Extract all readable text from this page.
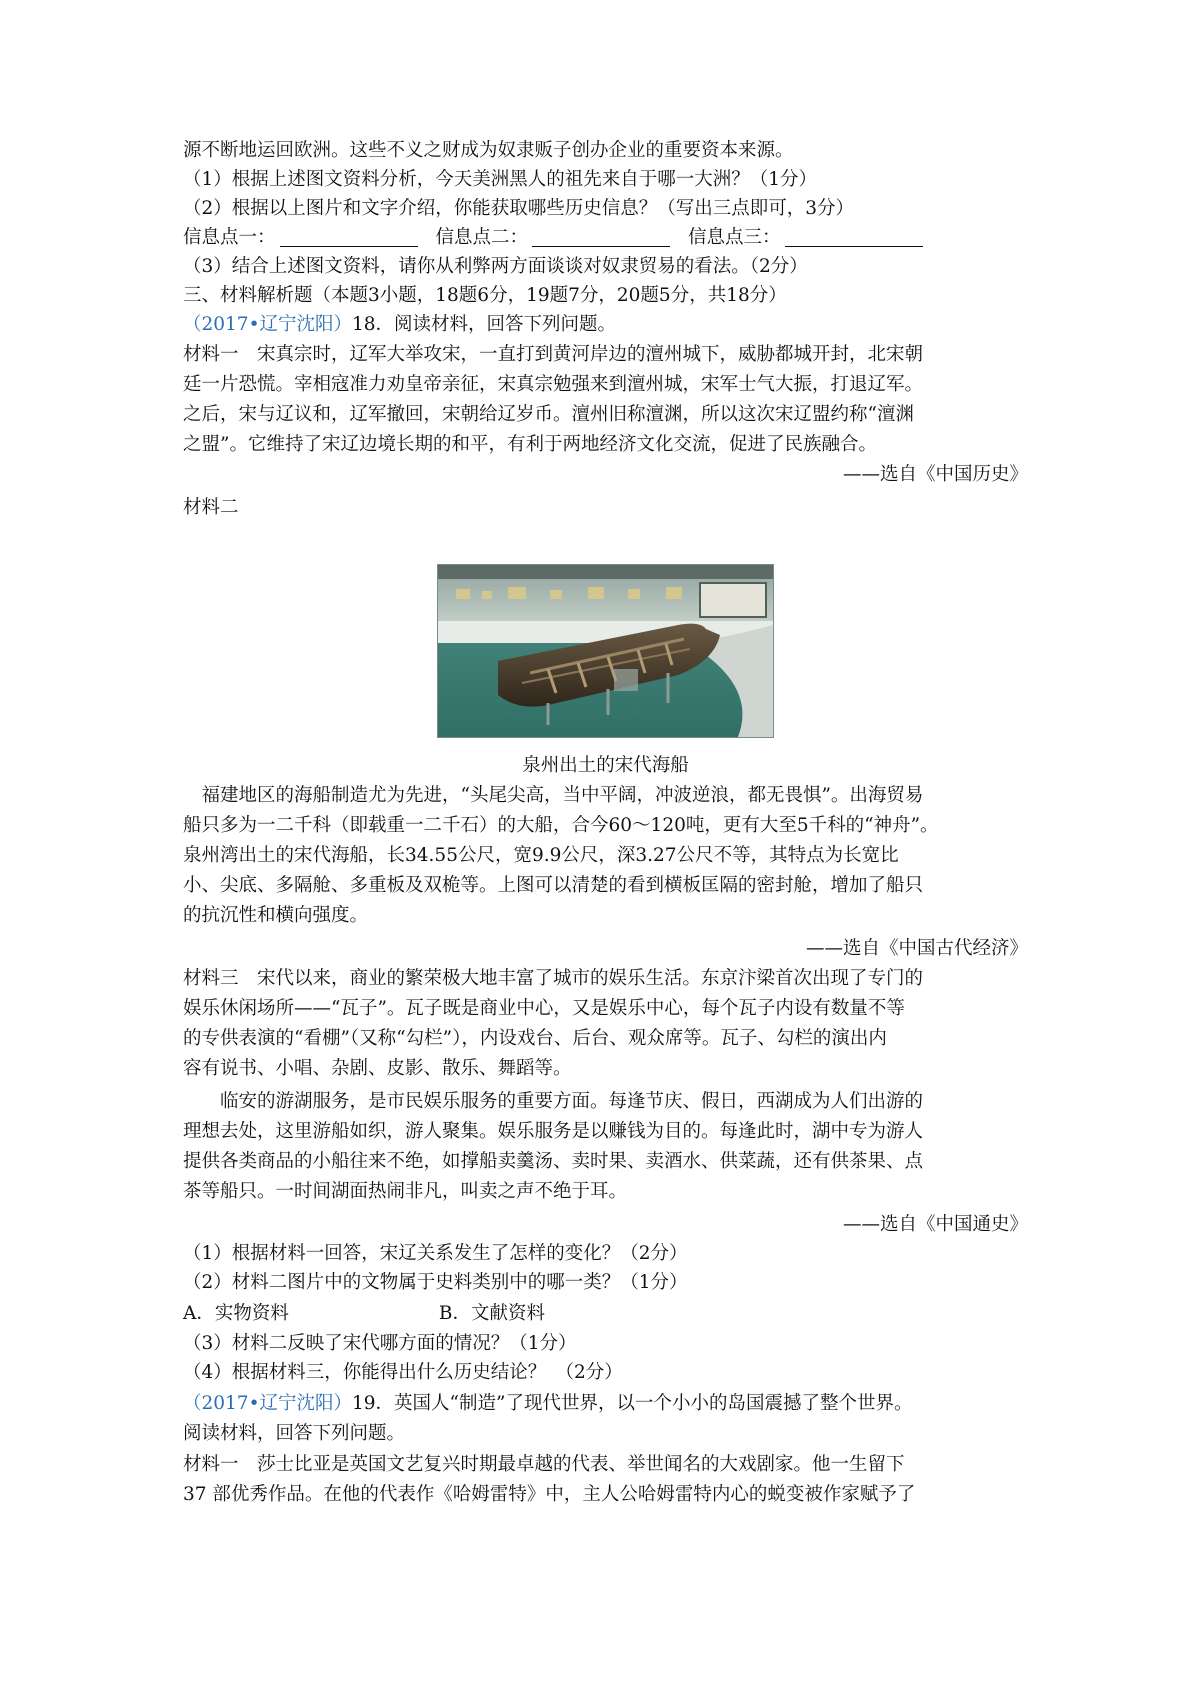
源不断地运回欧洲。这些不义之财成为奴隶贩子创办企业的重要资本来源。
（1）根据上述图文资料分析，今天美洲黑人的祖先来自于哪一大洲？（1分）
（2）根据以上图片和文字介绍，你能获取哪些历史信息？（写出三点即可，3分）
信息点一：	信息点二：	信息点三：
（3）结合上述图文资料，请你从利弊两方面谈谈对奴隶贸易的看法。（2分）
三、材料解析题（本题3小题，18题6分，19题7分，20题5分，共18分）
（2017•辽宁沈阳）18．阅读材料，回答下列问题。
材料一　宋真宗时，辽军大举攻宋，一直打到黄河岸边的澶州城下，威胁都城开封，北宋朝
廷一片恐慌。宰相寇准力劝皇帝亲征，宋真宗勉强来到澶州城，宋军士气大振，打退辽军。
之后，宋与辽议和，辽军撤回，宋朝给辽岁币。澶州旧称澶渊，所以这次宋辽盟约称“澶渊
之盟”。它维持了宋辽边境长期的和平，有利于两地经济文化交流，促进了民族融合。
——选自《中国历史》
材料二
泉州出土的宋代海船
　福建地区的海船制造尤为先进，“头尾尖高，当中平阔，冲波逆浪，都无畏惧”。出海贸易
船只多为一二千科（即载重一二千石）的大船，合今60～120吨，更有大至5千科的“神舟”。
泉州湾出土的宋代海船，长34.55公尺，宽9.9公尺，深3.27公尺不等，其特点为长宽比
小、尖底、多隔舱、多重板及双桅等。上图可以清楚的看到横板匡隔的密封舱，增加了船只
的抗沉性和横向强度。
——选自《中国古代经济》
材料三　宋代以来，商业的繁荣极大地丰富了城市的娱乐生活。东京汴梁首次出现了专门的
娱乐休闲场所——“瓦子”。瓦子既是商业中心，又是娱乐中心，每个瓦子内设有数量不等
的专供表演的“看棚”（又称“勾栏”），内设戏台、后台、观众席等。瓦子、勾栏的演出内
容有说书、小唱、杂剧、皮影、散乐、舞蹈等。
　　临安的游湖服务，是市民娱乐服务的重要方面。每逢节庆、假日，西湖成为人们出游的
理想去处，这里游船如织，游人聚集。娱乐服务是以赚钱为目的。每逢此时，湖中专为游人
提供各类商品的小船往来不绝，如撑船卖羹汤、卖时果、卖酒水、供菜蔬，还有供茶果、点
茶等船只。一时间湖面热闹非凡，叫卖之声不绝于耳。
——选自《中国通史》
（1）根据材料一回答，宋辽关系发生了怎样的变化？（2分）
（2）材料二图片中的文物属于史料类别中的哪一类？（1分）
A．实物资料	B．文献资料
（3）材料二反映了宋代哪方面的情况？（1分）
（4）根据材料三，你能得出什么历史结论？　（2分）
（2017•辽宁沈阳）19．英国人“制造”了现代世界，以一个小小的岛国震撼了整个世界。
阅读材料，回答下列问题。
材料一　莎士比亚是英国文艺复兴时期最卓越的代表、举世闻名的大戏剧家。他一生留下
37 部优秀作品。在他的代表作《哈姆雷特》中，主人公哈姆雷特内心的蜕变被作家赋予了
